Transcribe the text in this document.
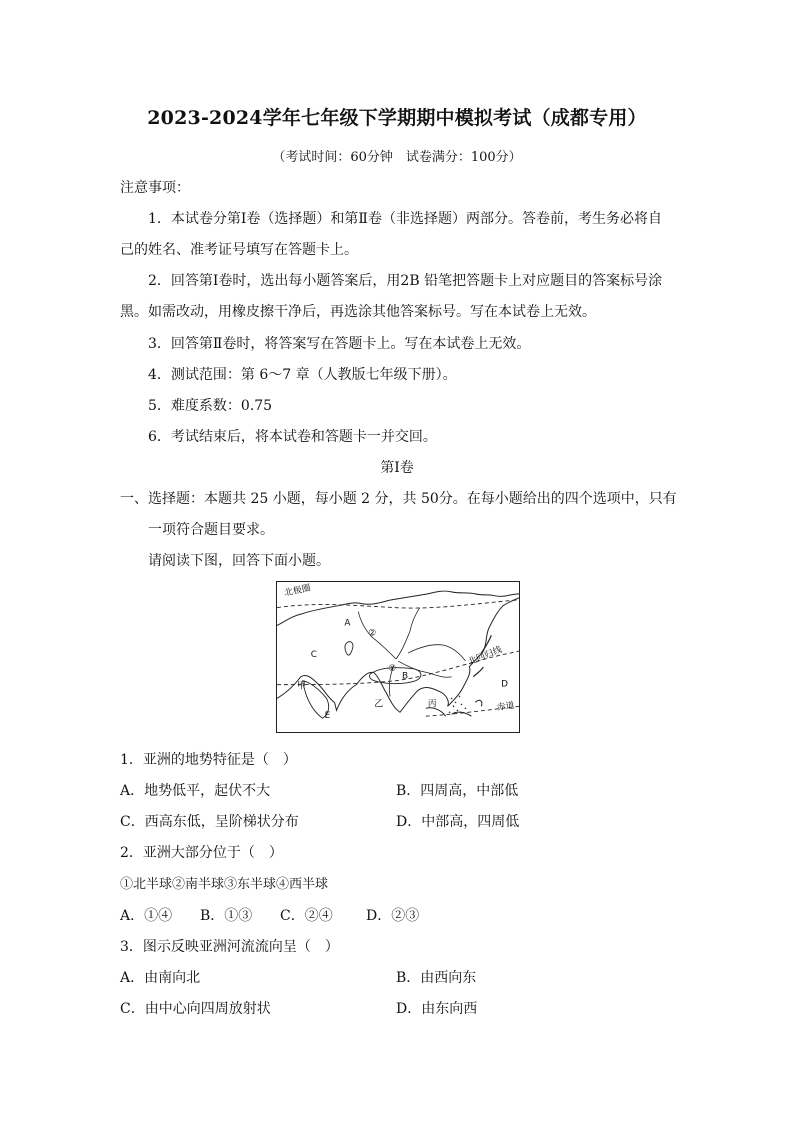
2023-2024学年七年级下学期期中模拟考试（成都专用）
（考试时间：60分钟　试卷满分：100分）
注意事项：
1．本试卷分第Ⅰ卷（选择题）和第Ⅱ卷（非选择题）两部分。答卷前，考生务必将自
己的姓名、准考证号填写在答题卡上。
2．回答第Ⅰ卷时，选出每小题答案后，用2B 铅笔把答题卡上对应题目的答案标号涂
黑。如需改动，用橡皮擦干净后，再选涂其他答案标号。写在本试卷上无效。
3．回答第Ⅱ卷时，将答案写在答题卡上。写在本试卷上无效。
4．测试范围：第 6～7 章（人教版七年级下册）。
5．难度系数：0.75
6．考试结束后，将本试卷和答题卡一并交回。
第Ⅰ卷
一、选择题：本题共 25 小题，每小题 2 分，共 50分。在每小题给出的四个选项中，只有
一项符合题目要求。
请阅读下图，回答下面小题。
北极圈
北回归线
赤道
A
B
C
D
E
②
①
甲
乙	丙
1．亚洲的地势特征是（　）
A．地势低平，起伏不大	B．四周高，中部低
C．西高东低，呈阶梯状分布	D．中部高，四周低
2．亚洲大部分位于（　）
①北半球②南半球③东半球④西半球
A．①④ B．①③ C．②④ D．②③
3．图示反映亚洲河流流向呈（　）
A．由南向北	B．由西向东
C．由中心向四周放射状	D．由东向西
